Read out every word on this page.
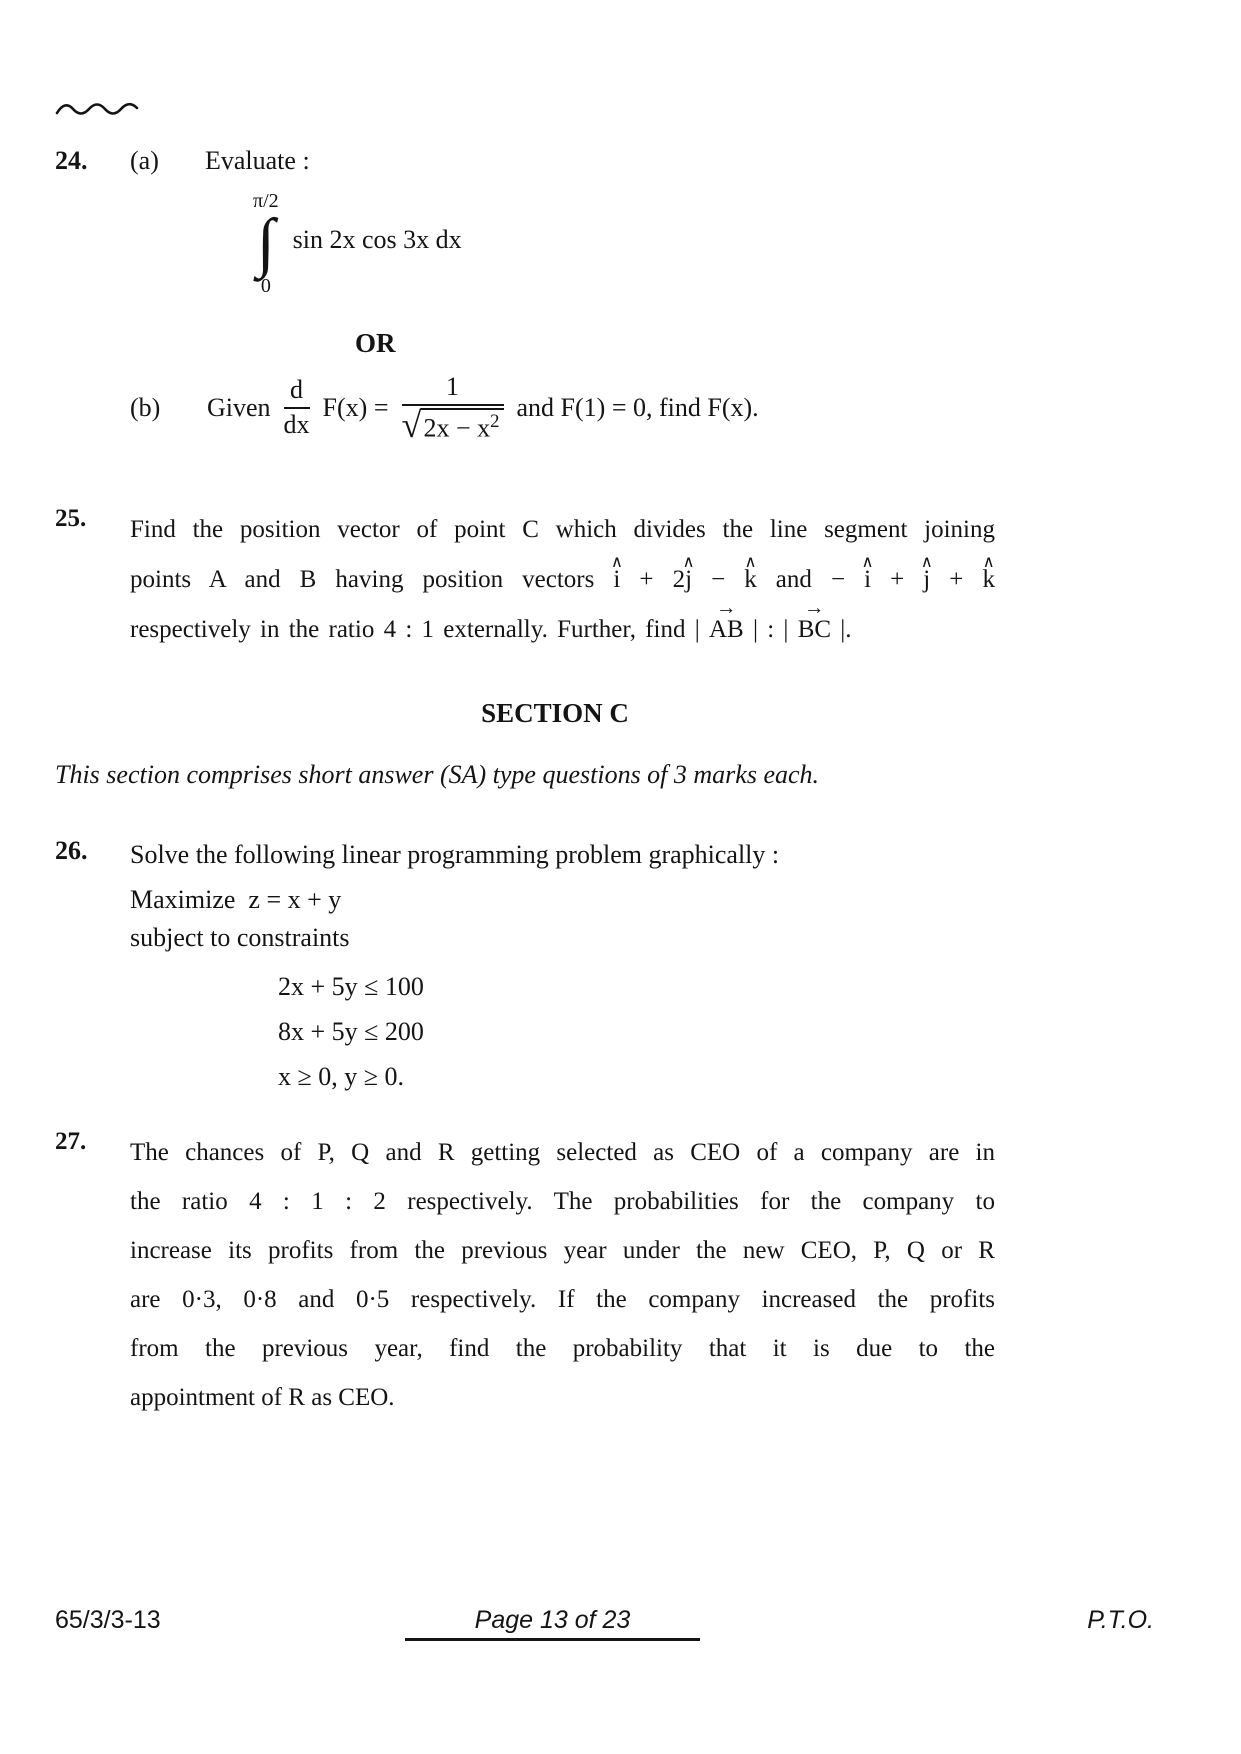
24.	(a)	Evaluate :
π/2
∫
0
sin 2x cos 3x dx
OR
(b)	Given $\frac{d}{dx} F(x) = \frac{1}{√ 2x - x^2}$ and F(1) = 0, find F(x).
25.	Find the position vector of point C which divides the line segment joining
points A and B having position vectors
∧
i + 2
∧
j −
∧
k and −
∧
i +
∧
j +
∧
k
respectively in the ratio 4 : 1 externally. Further, find |
→
AB | : |
→
BC |.
SECTION C
This section comprises short answer (SA) type questions of 3 marks each.
26.	Solve the following linear programming problem graphically :
Maximize  z = x + y
subject to constraints
2x + 5y ≤ 100
8x + 5y ≤ 200
x ≥ 0, y ≥ 0.
27.	The chances of P, Q and R getting selected as CEO of a company are in
the ratio 4 : 1 : 2 respectively. The probabilities for the company to
increase its profits from the previous year under the new CEO, P, Q or R
are 0·3, 0·8 and 0·5 respectively. If the company increased the profits
from the previous year, find the probability that it is due to the
appointment of R as CEO.
65/3/3-13	Page 13 of 23	P.T.O.
